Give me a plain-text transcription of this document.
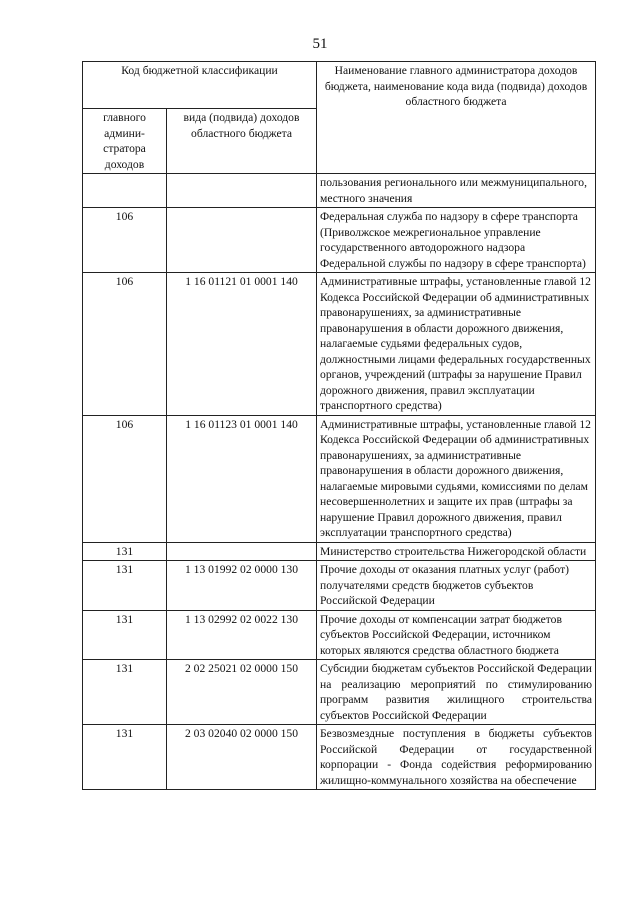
51
Код бюджетной классификации		Наименование главного администратора доходов бюджета, наименование кода вида (подвида) доходов областного бюджета
главного админи-стратора доходов	вида (подвида) доходов областного бюджета	
		пользования регионального или межмуниципального, местного значения
106		Федеральная служба по надзору в сфере транспорта (Приволжское межрегиональное управление государственного автодорожного надзора Федеральной службы по надзору в сфере транспорта)
106	1 16 01121 01 0001 140	Административные штрафы, установленные главой 12 Кодекса Российской Федерации об административных правонарушениях, за административные правонарушения в области дорожного движения, налагаемые судьями федеральных судов, должностными лицами федеральных государственных органов, учреждений (штрафы за нарушение Правил дорожного движения, правил эксплуатации транспортного средства)
106	1 16 01123 01 0001 140	Административные штрафы, установленные главой 12 Кодекса Российской Федерации об административных правонарушениях, за административные правонарушения в области дорожного движения, налагаемые мировыми судьями, комиссиями по делам несовершеннолетних и защите их прав (штрафы за нарушение Правил дорожного движения, правил эксплуатации транспортного средства)
131		Министерство строительства Нижегородской области
131	1 13 01992 02 0000 130	Прочие доходы от оказания платных услуг (работ) получателями средств бюджетов субъектов Российской Федерации
131	1 13 02992 02 0022 130	Прочие доходы от компенсации затрат бюджетов субъектов Российской Федерации, источником которых являются средства областного бюджета
131	2 02 25021 02 0000 150	Субсидии бюджетам субъектов Российской Федерации на реализацию мероприятий по стимулированию программ развития жилищного строительства субъектов Российской Федерации
131	2 03 02040 02 0000 150	Безвозмездные поступления в бюджеты субъектов Российской Федерации от государственной корпорации - Фонда содействия реформированию жилищно-коммунального хозяйства на обеспечение
